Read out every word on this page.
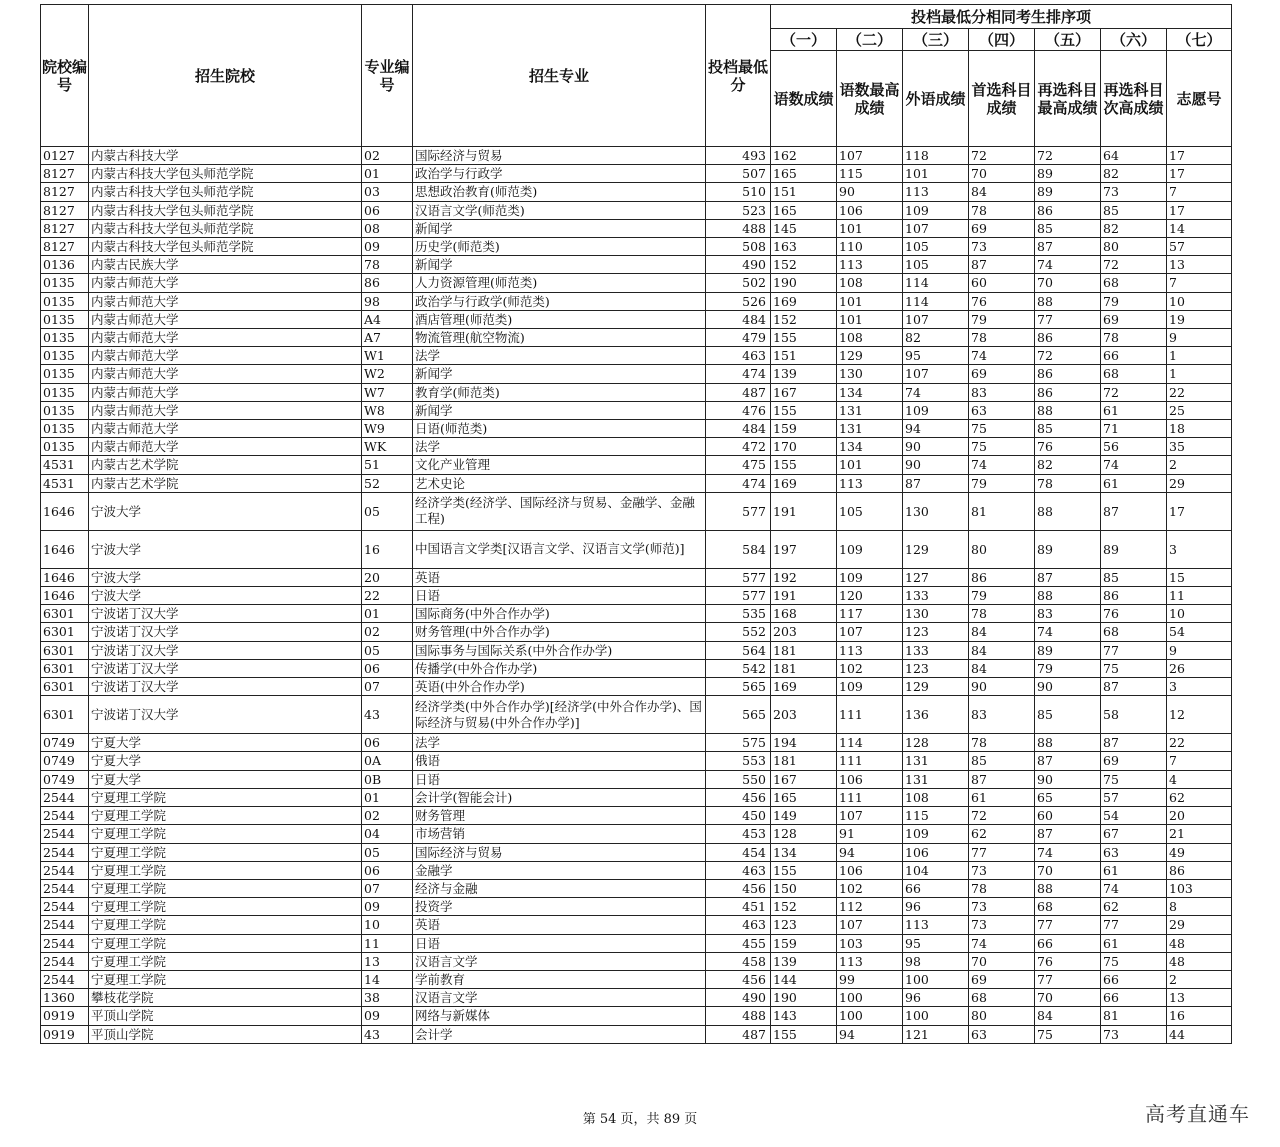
院校编号	招生院校	专业编号	招生专业	投档最低分	投档最低分相同考生排序项						
					（一）	（二）	（三）	（四）	（五）	（六）	（七）
					语数成绩	语数最高成绩	外语成绩	首选科目成绩	再选科目最高成绩	再选科目次高成绩	志愿号
0127	内蒙古科技大学	02	国际经济与贸易	493	162	107	118	72	72	64	17
8127	内蒙古科技大学包头师范学院	01	政治学与行政学	507	165	115	101	70	89	82	17
8127	内蒙古科技大学包头师范学院	03	思想政治教育(师范类)	510	151	90	113	84	89	73	7
8127	内蒙古科技大学包头师范学院	06	汉语言文学(师范类)	523	165	106	109	78	86	85	17
8127	内蒙古科技大学包头师范学院	08	新闻学	488	145	101	107	69	85	82	14
8127	内蒙古科技大学包头师范学院	09	历史学(师范类)	508	163	110	105	73	87	80	57
0136	内蒙古民族大学	78	新闻学	490	152	113	105	87	74	72	13
0135	内蒙古师范大学	86	人力资源管理(师范类)	502	190	108	114	60	70	68	7
0135	内蒙古师范大学	98	政治学与行政学(师范类)	526	169	101	114	76	88	79	10
0135	内蒙古师范大学	A4	酒店管理(师范类)	484	152	101	107	79	77	69	19
0135	内蒙古师范大学	A7	物流管理(航空物流)	479	155	108	82	78	86	78	9
0135	内蒙古师范大学	W1	法学	463	151	129	95	74	72	66	1
0135	内蒙古师范大学	W2	新闻学	474	139	130	107	69	86	68	1
0135	内蒙古师范大学	W7	教育学(师范类)	487	167	134	74	83	86	72	22
0135	内蒙古师范大学	W8	新闻学	476	155	131	109	63	88	61	25
0135	内蒙古师范大学	W9	日语(师范类)	484	159	131	94	75	85	71	18
0135	内蒙古师范大学	WK	法学	472	170	134	90	75	76	56	35
4531	内蒙古艺术学院	51	文化产业管理	475	155	101	90	74	82	74	2
4531	内蒙古艺术学院	52	艺术史论	474	169	113	87	79	78	61	29
1646	宁波大学	05	经济学类(经济学、国际经济与贸易、金融学、金融工程)	577	191	105	130	81	88	87	17
1646	宁波大学	16	中国语言文学类[汉语言文学、汉语言文学(师范)]	584	197	109	129	80	89	89	3
1646	宁波大学	20	英语	577	192	109	127	86	87	85	15
1646	宁波大学	22	日语	577	191	120	133	79	88	86	11
6301	宁波诺丁汉大学	01	国际商务(中外合作办学)	535	168	117	130	78	83	76	10
6301	宁波诺丁汉大学	02	财务管理(中外合作办学)	552	203	107	123	84	74	68	54
6301	宁波诺丁汉大学	05	国际事务与国际关系(中外合作办学)	564	181	113	133	84	89	77	9
6301	宁波诺丁汉大学	06	传播学(中外合作办学)	542	181	102	123	84	79	75	26
6301	宁波诺丁汉大学	07	英语(中外合作办学)	565	169	109	129	90	90	87	3
6301	宁波诺丁汉大学	43	经济学类(中外合作办学)[经济学(中外合作办学)、国际经济与贸易(中外合作办学)]	565	203	111	136	83	85	58	12
0749	宁夏大学	06	法学	575	194	114	128	78	88	87	22
0749	宁夏大学	0A	俄语	553	181	111	131	85	87	69	7
0749	宁夏大学	0B	日语	550	167	106	131	87	90	75	4
2544	宁夏理工学院	01	会计学(智能会计)	456	165	111	108	61	65	57	62
2544	宁夏理工学院	02	财务管理	450	149	107	115	72	60	54	20
2544	宁夏理工学院	04	市场营销	453	128	91	109	62	87	67	21
2544	宁夏理工学院	05	国际经济与贸易	454	134	94	106	77	74	63	49
2544	宁夏理工学院	06	金融学	463	155	106	104	73	70	61	86
2544	宁夏理工学院	07	经济与金融	456	150	102	66	78	88	74	103
2544	宁夏理工学院	09	投资学	451	152	112	96	73	68	62	8
2544	宁夏理工学院	10	英语	463	123	107	113	73	77	77	29
2544	宁夏理工学院	11	日语	455	159	103	95	74	66	61	48
2544	宁夏理工学院	13	汉语言文学	458	139	113	98	70	76	75	48
2544	宁夏理工学院	14	学前教育	456	144	99	100	69	77	66	2
1360	攀枝花学院	38	汉语言文学	490	190	100	96	68	70	66	13
0919	平顶山学院	09	网络与新媒体	488	143	100	100	80	84	81	16
0919	平顶山学院	43	会计学	487	155	94	121	63	75	73	44
第 54 页，共 89 页	高考直通车
